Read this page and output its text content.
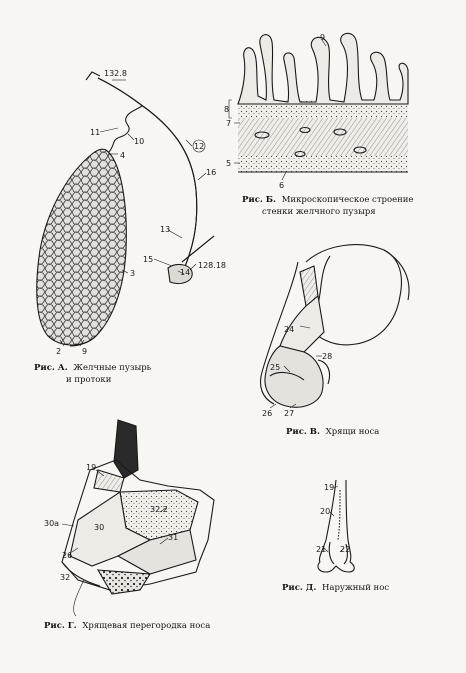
132.8
11
10
4
12
16
13
15
14
128.18
3
2	9
Рис. А. Желчные пузырь
и протоки
9
8
7
5
6
Рис. Б. Микроскопическое строение
стенки желчного пузыря
24
28
25
26 27
Рис. В. Хрящи носа
19
32.2
30a	30
31
26
32
Рис. Г. Хрящевая перегородка носа
19
20
21 22
Рис. Д. Наружный нос
